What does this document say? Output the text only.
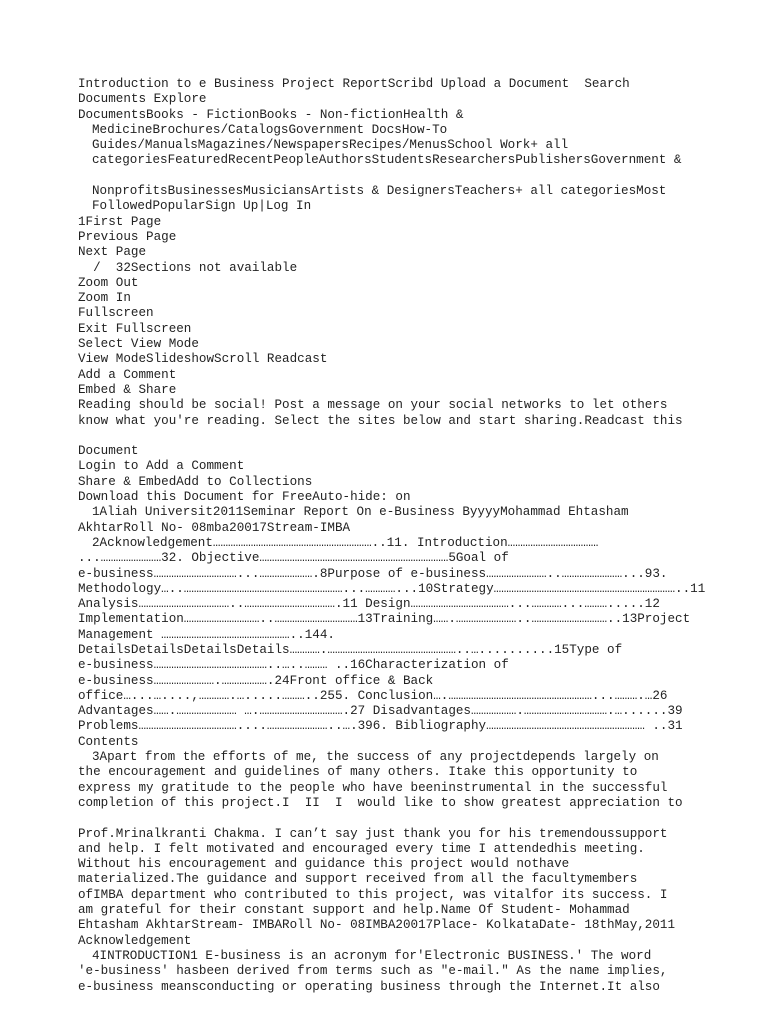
Introduction to e Business Project ReportScribd Upload a Document  Search
Documents Explore
DocumentsBooks - FictionBooks - Non-fictionHealth &
MedicineBrochures/CatalogsGovernment DocsHow-To
Guides/ManualsMagazines/NewspapersRecipes/MenusSchool Work+ all
categoriesFeaturedRecentPeopleAuthorsStudentsResearchersPublishersGovernment &
NonprofitsBusinessesMusiciansArtists & DesignersTeachers+ all categoriesMost
FollowedPopularSign Up|Log In
1First Page
Previous Page
Next Page
/  32Sections not available
Zoom Out
Zoom In
Fullscreen
Exit Fullscreen
Select View Mode
View ModeSlideshowScroll Readcast
Add a Comment
Embed & Share
Reading should be social! Post a message on your social networks to let others
know what you're reading. Select the sites below and start sharing.Readcast this
Document
Login to Add a Comment
Share & EmbedAdd to Collections
Download this Document for FreeAuto-hide: on
1Aliah Universit2011Seminar Report On e-Business ByyyyMohammad Ehtasham
AkhtarRoll No- 08mba20017Stream-IMBA
2Acknowledgement………………………………………………………..11. Introduction………………………………
...……………………32. Objective…………………………………………………………………5Goal of
e-business……………………………...………………….8Purpose of e-business……………………..……………………...93.
Methodology…..………………………………………………………...…………...10Strategy………………………………………………………………..11
Analysis………………………………..……………………………….11 Design…………………………………...…………...……….....12
Implementation…………………………..……………………………13Training…….……………………..…………………………..13Project
Management ……………………………………………..144.
DetailsDetailsDetailsDetails………….……………………………………………..…..........15Type of
e-business………………………………………..…..……… ..16Characterization of
e-business…………………….……………….24Front office & Back
office…...…....,………….….....………..255. Conclusion….…………………………………………………...……….…26
Advantages…….…………………… ….…………………………….27 Disadvantages……………….…………………………….…......39
Problems…………………………………....……………………..….396. Bibliography……………………………………………………… ..31
Contents
3Apart from the efforts of me, the success of any projectdepends largely on
the encouragement and guidelines of many others. Itake this opportunity to
express my gratitude to the people who have beeninstrumental in the successful
completion of this project.I  II  I  would like to show greatest appreciation to
Prof.Mrinalkranti Chakma. I can’t say just thank you for his tremendoussupport
and help. I felt motivated and encouraged every time I attendedhis meeting.
Without his encouragement and guidance this project would nothave
materialized.The guidance and support received from all the facultymembers
ofIMBA department who contributed to this project, was vitalfor its success. I
am grateful for their constant support and help.Name Of Student- Mohammad
Ehtasham AkhtarStream- IMBARoll No- 08IMBA20017Place- KolkataDate- 18thMay,2011
Acknowledgement
4INTRODUCTION1 E-business is an acronym for'Electronic BUSINESS.' The word
'e-business' hasbeen derived from terms such as "e-mail." As the name implies,
e-business meansconducting or operating business through the Internet.It also
